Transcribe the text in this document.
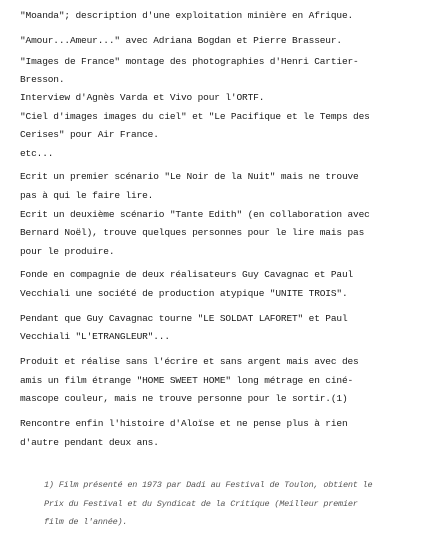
"Moanda"; description d'une exploitation minière en Afrique.
"Amour...Ameur..." avec Adriana Bogdan et Pierre Brasseur.
"Images de France" montage des photographies d'Henri Cartier-
Bresson.
Interview d'Agnès Varda et Vivo pour l'ORTF.
"Ciel d'images images du ciel" et "Le Pacifique et le Temps des
Cerises" pour Air France.
etc...
Ecrit un premier scénario "Le Noir de la Nuit" mais ne trouve
pas à qui le faire lire.
Ecrit un deuxième scénario "Tante Edith" (en collaboration avec
Bernard Noël), trouve quelques personnes pour le lire mais pas
pour le produire.
Fonde en compagnie de deux réalisateurs Guy Cavagnac et Paul
Vecchiali une société de production atypique "UNITE TROIS".
Pendant que Guy Cavagnac tourne "LE SOLDAT LAFORET" et Paul
Vecchiali "L'ETRANGLEUR"...
Produit et réalise sans l'écrire et sans argent mais avec des
amis un film étrange "HOME SWEET HOME" long métrage en ciné-
mascope couleur, mais ne trouve personne pour le sortir.(1)
Rencontre enfin l'histoire d'Aloïse et ne pense plus à rien
d'autre pendant deux ans.
1) Film présenté en 1973 par Dadi au Festival de Toulon, obtient le
Prix du Festival et du Syndicat de la Critique (Meilleur premier
film de l'année).
